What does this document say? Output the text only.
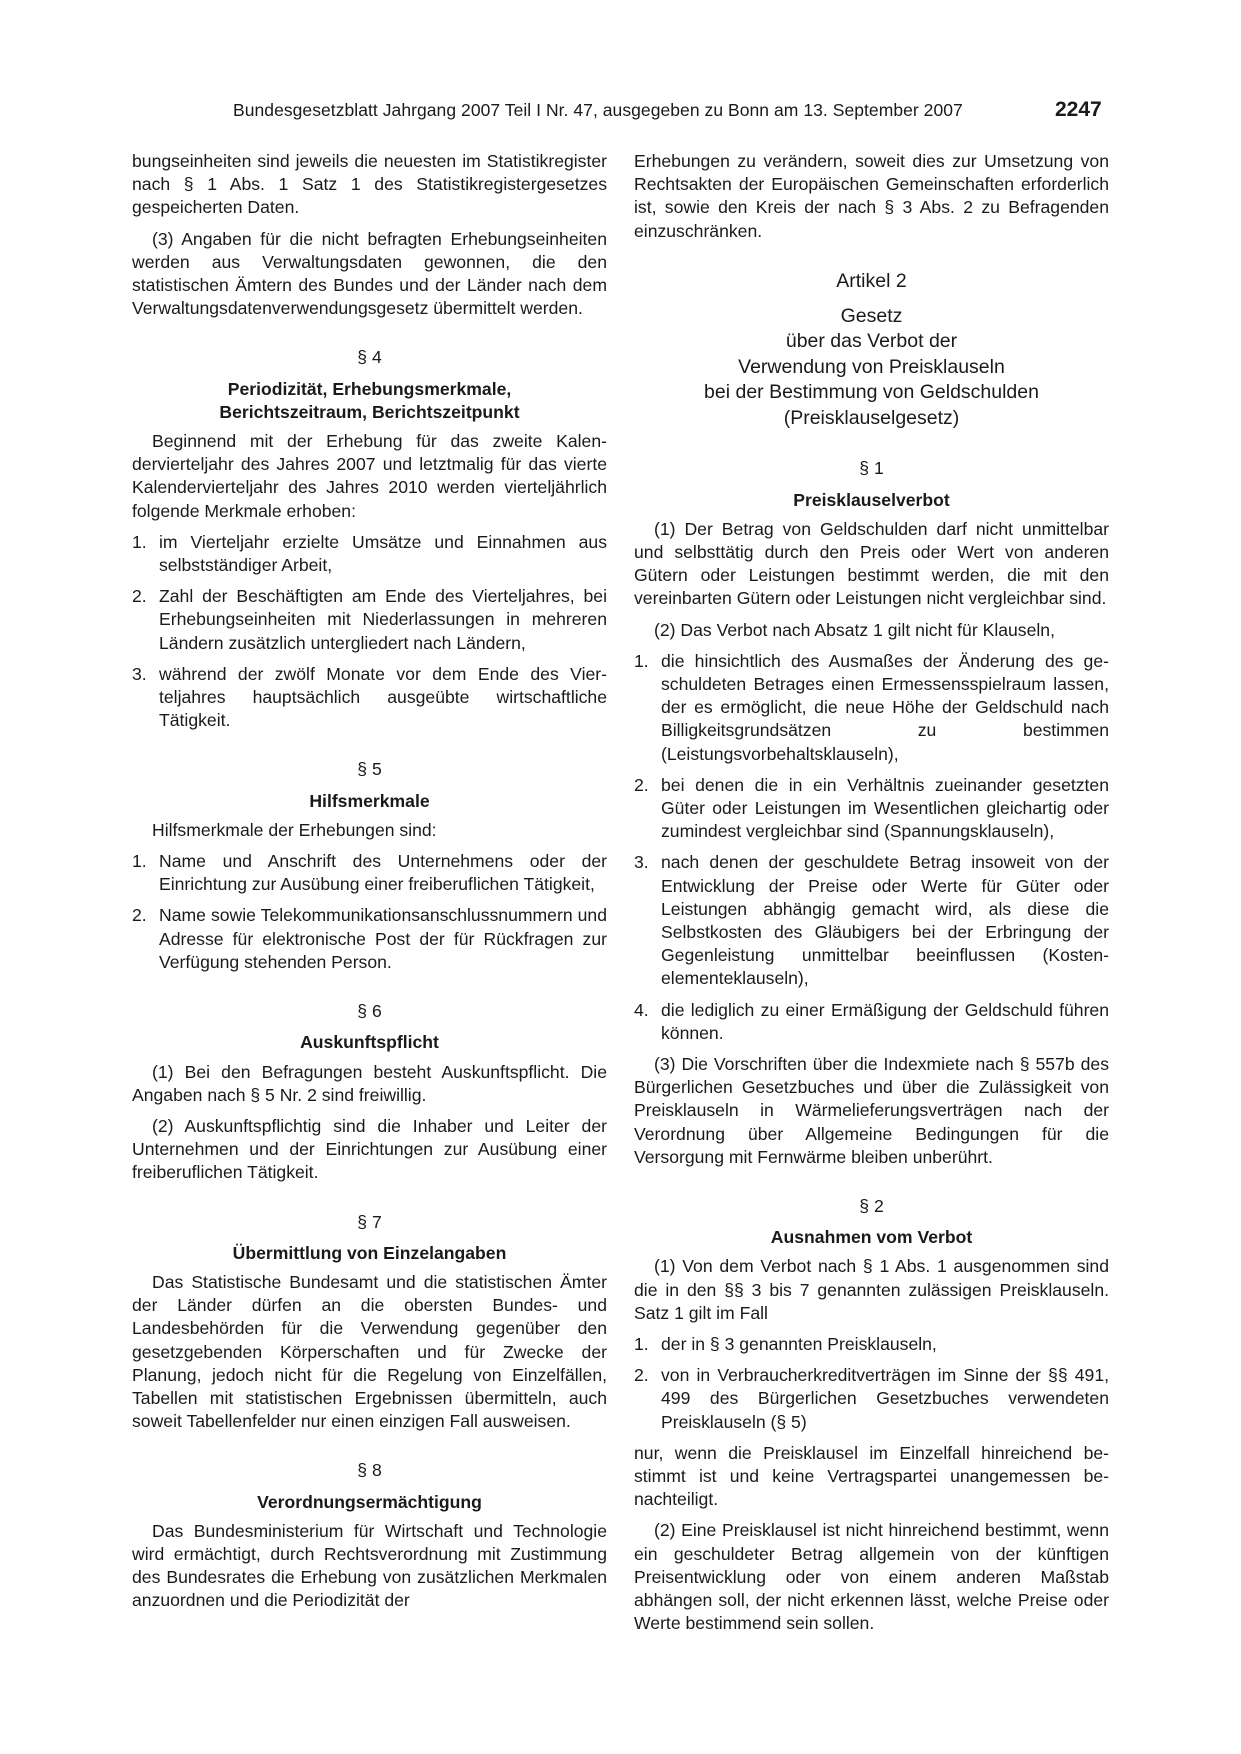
Bundesgesetzblatt Jahrgang 2007 Teil I Nr. 47, ausgegeben zu Bonn am 13. September 2007	2247

bungseinheiten sind jeweils die neuesten im Statistikregister nach § 1 Abs. 1 Satz 1 des Statistikregistergesetzes gespeicherten Daten.

(3) Angaben für die nicht befragten Erhebungseinheiten werden aus Verwaltungsdaten gewonnen, die den statistischen Ämtern des Bundes und der Länder nach dem Verwaltungsdatenverwendungsgesetz übermittelt werden.

§ 4
Periodizität, Erhebungsmerkmale,
Berichtszeitraum, Berichtszeitpunkt

Beginnend mit der Erhebung für das zweite Kalendervierteljahr des Jahres 2007 und letztmalig für das vierte Kalendervierteljahr des Jahres 2010 werden vierteljährlich folgende Merkmale erhoben:

1. im Vierteljahr erzielte Umsätze und Einnahmen aus selbstständiger Arbeit,
2. Zahl der Beschäftigten am Ende des Vierteljahres, bei Erhebungseinheiten mit Niederlassungen in mehreren Ländern zusätzlich untergliedert nach Ländern,
3. während der zwölf Monate vor dem Ende des Vierteljahres hauptsächlich ausgeübte wirtschaftliche Tätigkeit.
§ 5
Hilfsmerkmale

Hilfsmerkmale der Erhebungen sind:

1. Name und Anschrift des Unternehmens oder der Einrichtung zur Ausübung einer freiberuflichen Tätigkeit,
2. Name sowie Telekommunikationsanschlussnummern und Adresse für elektronische Post der für Rückfragen zur Verfügung stehenden Person.
§ 6
Auskunftspflicht

(1) Bei den Befragungen besteht Auskunftspflicht. Die Angaben nach § 5 Nr. 2 sind freiwillig.

(2) Auskunftspflichtig sind die Inhaber und Leiter der Unternehmen und der Einrichtungen zur Ausübung einer freiberuflichen Tätigkeit.

§ 7
Übermittlung von Einzelangaben

Das Statistische Bundesamt und die statistischen Ämter der Länder dürfen an die obersten Bundes- und Landesbehörden für die Verwendung gegenüber den gesetzgebenden Körperschaften und für Zwecke der Planung, jedoch nicht für die Regelung von Einzelfällen, Tabellen mit statistischen Ergebnissen übermitteln, auch soweit Tabellenfelder nur einen einzigen Fall ausweisen.

§ 8
Verordnungsermächtigung

Das Bundesministerium für Wirtschaft und Technologie wird ermächtigt, durch Rechtsverordnung mit Zustimmung des Bundesrates die Erhebung von zusätzlichen Merkmalen anzuordnen und die Periodizität der

Erhebungen zu verändern, soweit dies zur Umsetzung von Rechtsakten der Europäischen Gemeinschaften erforderlich ist, sowie den Kreis der nach § 3 Abs. 2 zu Befragenden einzuschränken.

Artikel 2
Gesetz
über das Verbot der
Verwendung von Preisklauseln
bei der Bestimmung von Geldschulden
(Preisklauselgesetz)
§ 1
Preisklauselverbot

(1) Der Betrag von Geldschulden darf nicht unmittelbar und selbsttätig durch den Preis oder Wert von anderen Gütern oder Leistungen bestimmt werden, die mit den vereinbarten Gütern oder Leistungen nicht vergleichbar sind.

(2) Das Verbot nach Absatz 1 gilt nicht für Klauseln,

1. die hinsichtlich des Ausmaßes der Änderung des geschuldeten Betrages einen Ermessensspielraum lassen, der es ermöglicht, die neue Höhe der Geldschuld nach Billigkeitsgrundsätzen zu bestimmen (Leistungsvorbehaltsklauseln),
2. bei denen die in ein Verhältnis zueinander gesetzten Güter oder Leistungen im Wesentlichen gleichartig oder zumindest vergleichbar sind (Spannungsklauseln),
3. nach denen der geschuldete Betrag insoweit von der Entwicklung der Preise oder Werte für Güter oder Leistungen abhängig gemacht wird, als diese die Selbstkosten des Gläubigers bei der Erbringung der Gegenleistung unmittelbar beeinflussen (Kostenelementeklauseln),
4. die lediglich zu einer Ermäßigung der Geldschuld führen können.

(3) Die Vorschriften über die Indexmiete nach § 557b des Bürgerlichen Gesetzbuches und über die Zulässigkeit von Preisklauseln in Wärmelieferungsverträgen nach der Verordnung über Allgemeine Bedingungen für die Versorgung mit Fernwärme bleiben unberührt.

§ 2
Ausnahmen vom Verbot

(1) Von dem Verbot nach § 1 Abs. 1 ausgenommen sind die in den §§ 3 bis 7 genannten zulässigen Preisklauseln. Satz 1 gilt im Fall

1. der in § 3 genannten Preisklauseln,
2. von in Verbraucherkreditverträgen im Sinne der §§ 491, 499 des Bürgerlichen Gesetzbuches verwendeten Preisklauseln (§ 5)

nur, wenn die Preisklausel im Einzelfall hinreichend bestimmt ist und keine Vertragspartei unangemessen benachteiligt.

(2) Eine Preisklausel ist nicht hinreichend bestimmt, wenn ein geschuldeter Betrag allgemein von der künftigen Preisentwicklung oder von einem anderen Maßstab abhängen soll, der nicht erkennen lässt, welche Preise oder Werte bestimmend sein sollen.
